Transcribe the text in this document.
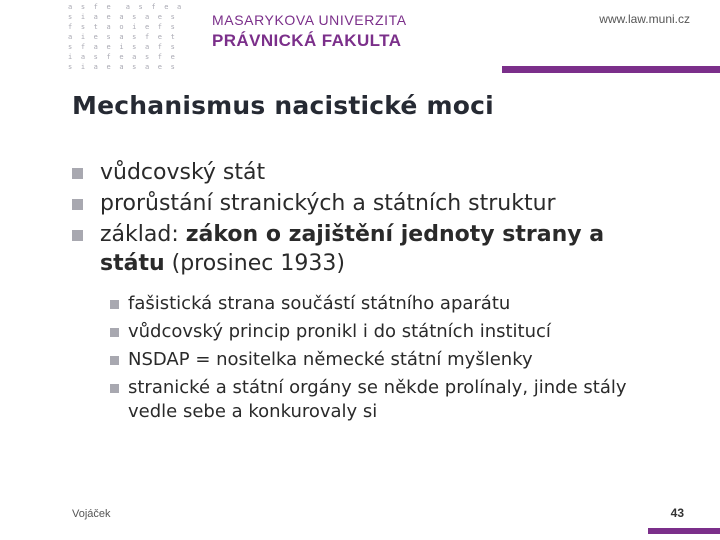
a s f e  a s f e a
s i a e a s a e s
f s t a o i e f s
a i e s a s f e t
s f a e i s a f s
i a s f e a s f e
s i a e a s a e s
MASARYKOVA UNIVERZITA
PRÁVNICKÁ FAKULTA
www.law.muni.cz
Mechanismus nacistické moci
vůdcovský stát
prorůstání stranických a státních struktur
základ: zákon o zajištění jednoty strany a státu (prosinec 1933)
fašistická strana součástí státního aparátu
vůdcovský princip pronikl i do státních institucí
NSDAP = nositelka německé státní myšlenky
stranické a státní orgány se někde prolínaly, jinde stály vedle sebe a konkurovaly si
Vojáček	43
